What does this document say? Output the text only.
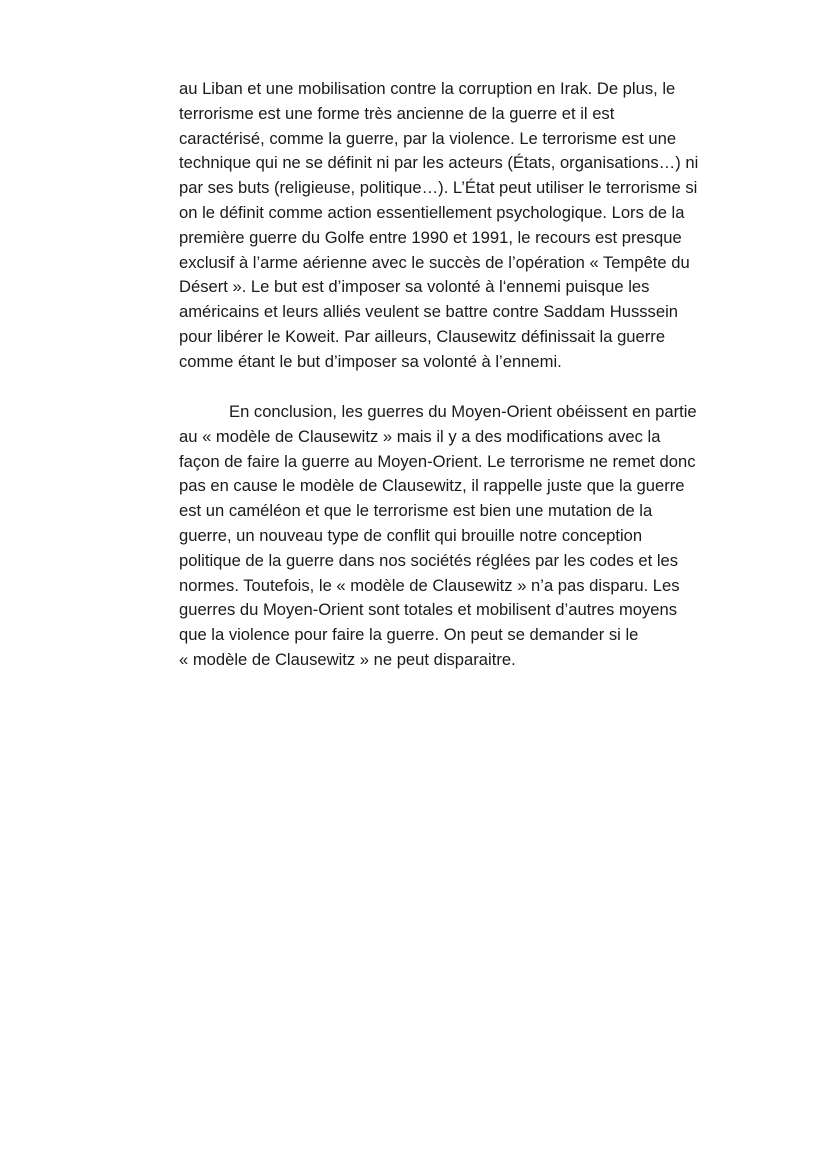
au Liban et une mobilisation contre la corruption en Irak. De plus, le
terrorisme est une forme très ancienne de la guerre et il est
caractérisé, comme la guerre, par la violence. Le terrorisme est une
technique qui ne se définit ni par les acteurs (États, organisations…) ni
par ses buts (religieuse, politique…). L’État peut utiliser le terrorisme si
on le définit comme action essentiellement psychologique. Lors de la
première guerre du Golfe entre 1990 et 1991, le recours est presque
exclusif à l’arme aérienne avec le succès de l’opération « Tempête du
Désert ». Le but est d’imposer sa volonté à l‘ennemi puisque les
américains et leurs alliés veulent se battre contre Saddam Husssein
pour libérer le Koweit. Par ailleurs, Clausewitz définissait la guerre
comme étant le but d’imposer sa volonté à l’ennemi.
En conclusion, les guerres du Moyen-Orient obéissent en partie
au « modèle de Clausewitz » mais il y a des modifications avec la
façon de faire la guerre au Moyen-Orient. Le terrorisme ne remet donc
pas en cause le modèle de Clausewitz, il rappelle juste que la guerre
est un caméléon et que le terrorisme est bien une mutation de la
guerre, un nouveau type de conflit qui brouille notre conception
politique de la guerre dans nos sociétés réglées par les codes et les
normes. Toutefois, le « modèle de Clausewitz » n’a pas disparu. Les
guerres du Moyen-Orient sont totales et mobilisent d’autres moyens
que la violence pour faire la guerre. On peut se demander si le
« modèle de Clausewitz » ne peut disparaitre.
